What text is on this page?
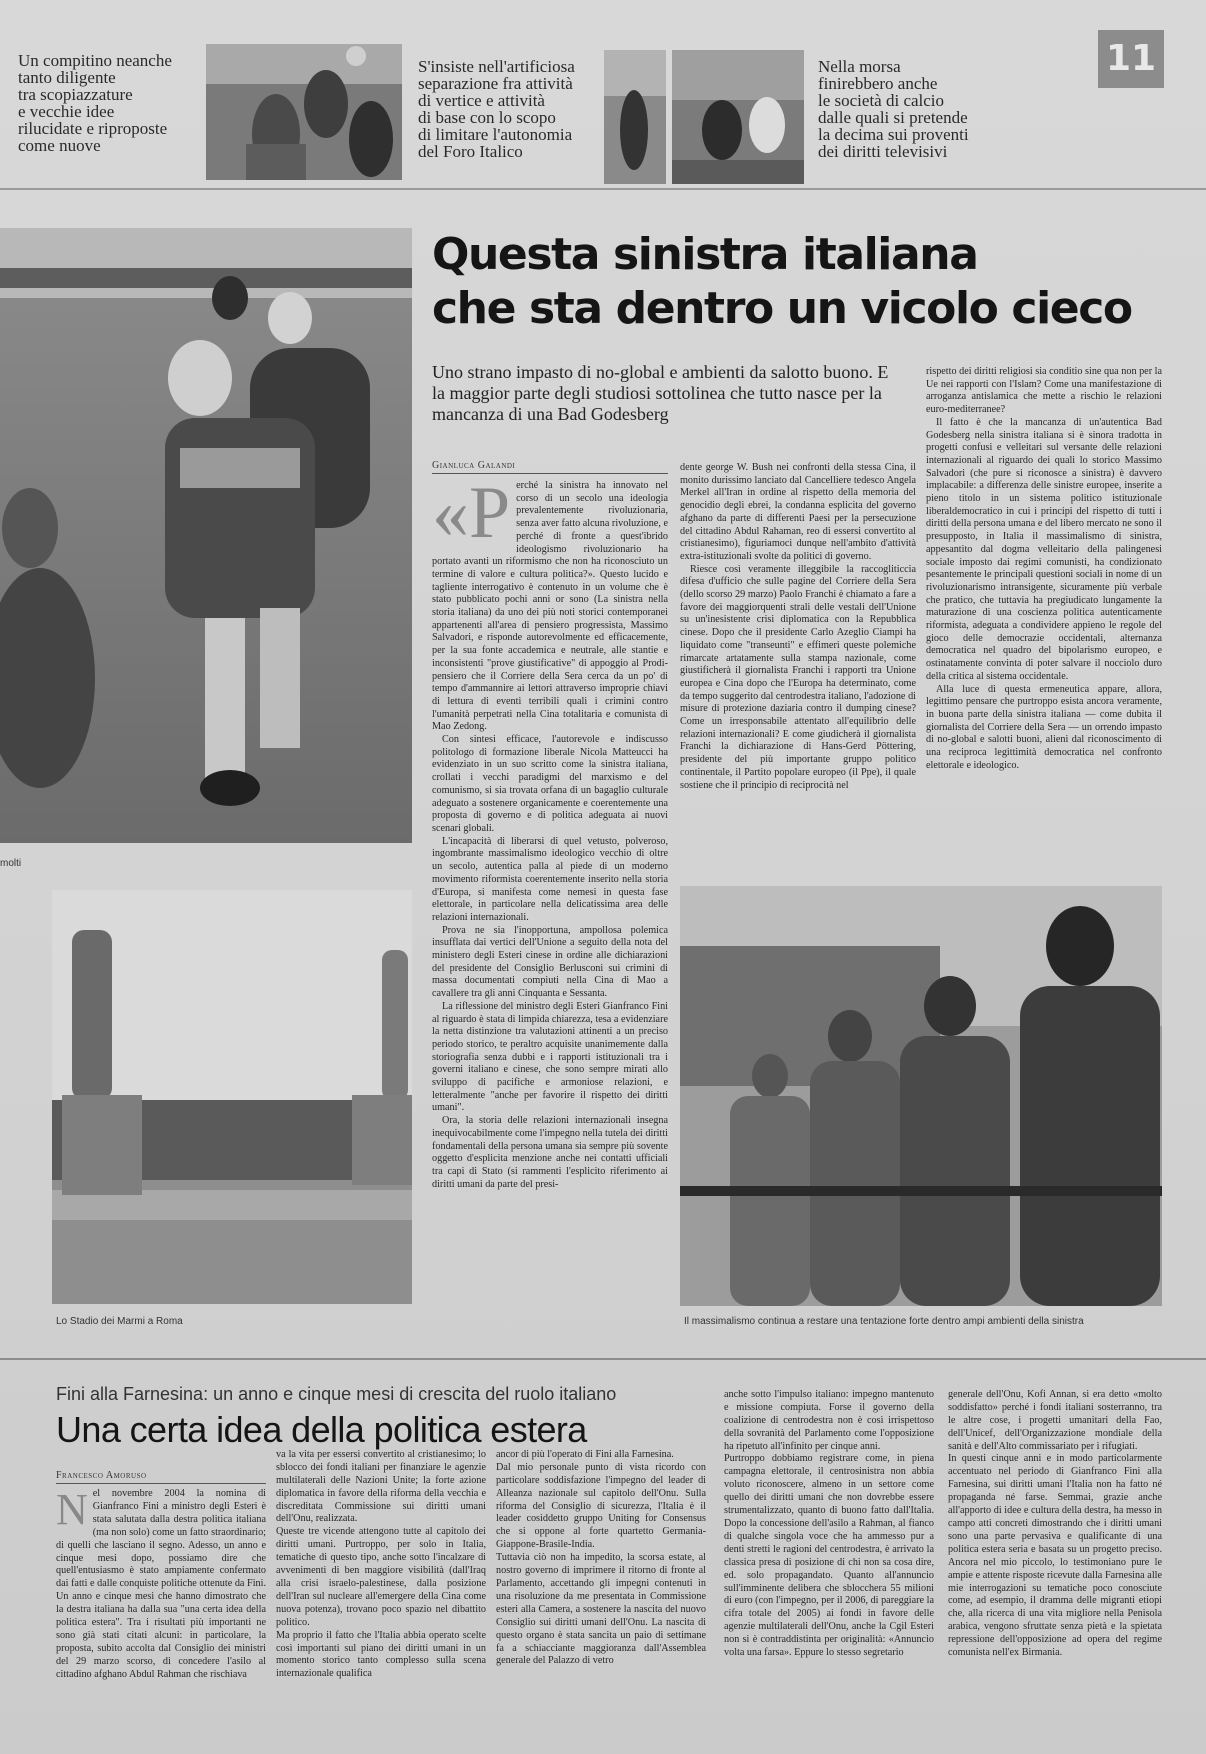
Un compitino neanche
tanto diligente
tra scopiazzature
e vecchie idee
rilucidate e riproposte
come nuove
S'insiste nell'artificiosa
separazione fra attività
di vertice e attività
di base con lo scopo
di limitare l'autonomia
del Foro Italico
Nella morsa
finirebbero anche
le società di calcio
dalle quali si pretende
la decima sui proventi
dei diritti televisivi
11
molti
Lo Stadio dei Marmi a Roma
Questa sinistra italiana
che sta dentro un vicolo cieco
Uno strano impasto di no-global e ambienti da salotto buono. E la maggior parte degli studiosi sottolinea che tutto nasce per la mancanza di una Bad Godesberg
Gianluca Galandi
«P erché la sinistra ha innovato nel corso di un secolo una ideologia prevalentemente rivoluzionaria, senza aver fatto alcuna rivoluzione, e perché di fronte a quest'ibrido ideologismo rivoluzionario ha portato avanti un riformismo che non ha riconosciuto un termine di valore e cultura politica?». Questo lucido e tagliente interrogativo è contenuto in un volume che è stato pubblicato pochi anni or sono (La sinistra nella storia italiana) da uno dei più noti storici contemporanei appartenenti all'area di pensiero progressista, Massimo Salvadori, e risponde autorevolmente ed efficacemente, per la sua fonte accademica e neutrale, alle stantie e inconsistenti "prove giustificative" di appoggio al Prodi-pensiero che il Corriere della Sera cerca da un po' di tempo d'ammannire ai lettori attraverso improprie chiavi di lettura di eventi terribili quali i crimini contro l'umanità perpetrati nella Cina totalitaria e comunista di Mao Zedong.

Con sintesi efficace, l'autorevole e indiscusso politologo di formazione liberale Nicola Matteucci ha evidenziato in un suo scritto come la sinistra italiana, crollati i vecchi paradigmi del marxismo e del comunismo, si sia trovata orfana di un bagaglio culturale adeguato a sostenere organicamente e coerentemente una proposta di governo e di politica adeguata ai nuovi scenari globali.

L'incapacità di liberarsi di quel vetusto, polveroso, ingombrante massimalismo ideologico vecchio di oltre un secolo, autentica palla al piede di un moderno movimento riformista coerentemente inserito nella storia d'Europa, si manifesta come nemesi in questa fase elettorale, in particolare nella delicatissima area delle relazioni internazionali.

Prova ne sia l'inopportuna, ampollosa polemica insufflata dai vertici dell'Unione a seguito della nota del ministero degli Esteri cinese in ordine alle dichiarazioni del presidente del Consiglio Berlusconi sui crimini di massa documentati compiuti nella Cina di Mao a cavallere tra gli anni Cinquanta e Sessanta.

La riflessione del ministro degli Esteri Gianfranco Fini al riguardo è stata di limpida chiarezza, tesa a evidenziare la netta distinzione tra valutazioni attinenti a un preciso periodo storico, te peraltro acquisite unanimemente dalla storiografia senza dubbi e i rapporti istituzionali tra i governi italiano e cinese, che sono sempre mirati allo sviluppo di pacifiche e armoniose relazioni, e letteralmente "anche per favorire il rispetto dei diritti umani".

Ora, la storia delle relazioni internazionali insegna inequivocabilmente come l'impegno nella tutela dei diritti fondamentali della persona umana sia sempre più sovente oggetto d'esplicita menzione anche nei contatti ufficiali tra capi di Stato (si rammenti l'esplicito riferimento ai diritti umani da parte del presi-

dente george W. Bush nei confronti della stessa Cina, il monito durissimo lanciato dal Cancelliere tedesco Angela Merkel all'Iran in ordine al rispetto della memoria del genocidio degli ebrei, la condanna esplicita del governo afghano da parte di differenti Paesi per la persecuzione del cittadino Abdul Rahaman, reo di essersi convertito al cristianesimo), figuriamoci dunque nell'ambito d'attività extra-istituzionali svolte da politici di governo.

Riesce così veramente illeggibile la raccogliticcia difesa d'ufficio che sulle pagine del Corriere della Sera (dello scorso 29 marzo) Paolo Franchi è chiamato a fare a favore dei maggiorquenti strali delle vestali dell'Unione su un'inesistente crisi diplomatica con la Repubblica cinese. Dopo che il presidente Carlo Azeglio Ciampi ha liquidato come "transeunti" e effimeri queste polemiche rimarcate artatamente sulla stampa nazionale, come giustificherà il giornalista Franchi i rapporti tra Unione europea e Cina dopo che l'Europa ha determinato, come da tempo suggerito dal centrodestra italiano, l'adozione di misure di protezione daziaria contro il dumping cinese? Come un irresponsabile attentato all'equilibrio delle relazioni internazionali? E come giudicherà il giornalista Franchi la dichiarazione di Hans-Gerd Pöttering, presidente del più importante gruppo politico continentale, il Partito popolare europeo (il Ppe), il quale sostiene che il principio di reciprocità nel

rispetto dei diritti religiosi sia conditio sine qua non per la Ue nei rapporti con l'Islam? Come una manifestazione di arroganza antislamica che mette a rischio le relazioni euro-mediterranee?

Il fatto è che la mancanza di un'autentica Bad Godesberg nella sinistra italiana si è sinora tradotta in progetti confusi e velleitari sul versante delle relazioni internazionali al riguardo dei quali lo storico Massimo Salvadori (che pure si riconosce a sinistra) è davvero implacabile: a differenza delle sinistre europee, inserite a pieno titolo in un sistema politico istituzionale liberaldemocratico in cui i principi del rispetto di tutti i diritti della persona umana e del libero mercato ne sono il presupposto, in Italia il massimalismo di sinistra, appesantito dal dogma velleitario della palingenesi sociale imposto dai regimi comunisti, ha condizionato pesantemente le principali questioni sociali in nome di un rivoluzionarismo intransigente, sicuramente più verbale che pratico, che tuttavia ha pregiudicato lungamente la maturazione di una coscienza politica autenticamente riformista, adeguata a condividere appieno le regole del gioco delle democrazie occidentali, alternanza democratica nel quadro del bipolarismo europeo, e ostinatamente convinta di poter salvare il nocciolo duro della critica al sistema occidentale.

Alla luce di questa ermeneutica appare, allora, legittimo pensare che purtroppo esista ancora veramente, in buona parte della sinistra italiana — come dubita il giornalista del Corriere della Sera — un orrendo impasto di no-global e salotti buoni, alieni dal riconoscimento di una reciproca legittimità democratica nel confronto elettorale e ideologico.

Il massimalismo continua a restare una tentazione forte dentro ampi ambienti della sinistra
Fini alla Farnesina: un anno e cinque mesi di crescita del ruolo italiano
Una certa idea della politica estera
Francesco Amoruso
N el novembre 2004 la nomina di Gianfranco Fini a ministro degli Esteri è stata salutata dalla destra politica italiana (ma non solo) come un fatto straordinario; di quelli che lasciano il segno. Adesso, un anno e cinque mesi dopo, possiamo dire che quell'entusiasmo è stato ampiamente confermato dai fatti e dalle conquiste politiche ottenute da Fini. Un anno e cinque mesi che hanno dimostrato che la destra italiana ha dalla sua "una certa idea della politica estera". Tra i risultati più importanti ne sono già stati citati alcuni: in particolare, la proposta, subito accolta dal Consiglio dei ministri del 29 marzo scorso, di concedere l'asilo al cittadino afghano Abdul Rahman che rischiava

va la vita per essersi convertito al cristianesimo; lo sblocco dei fondi italiani per finanziare le agenzie multilaterali delle Nazioni Unite; la forte azione diplomatica in favore della riforma della vecchia e discreditata Commissione sui diritti umani dell'Onu, realizzata.
Queste tre vicende attengono tutte al capitolo dei diritti umani. Purtroppo, per solo in Italia, tematiche di questo tipo, anche sotto l'incalzare di avvenimenti di ben maggiore visibilità (dall'Iraq alla crisi israelo-palestinese, dalla posizione dell'Iran sul nucleare all'emergere della Cina come nuova potenza), trovano poco spazio nel dibattito politico.
Ma proprio il fatto che l'Italia abbia operato scelte così importanti sul piano dei diritti umani in un momento storico tanto complesso sulla scena internazionale qualifica

ancor di più l'operato di Fini alla Farnesina.
Dal mio personale punto di vista ricordo con particolare soddisfazione l'impegno del leader di Alleanza nazionale sul capitolo dell'Onu. Sulla riforma del Consiglio di sicurezza, l'Italia è il leader cosiddetto gruppo Uniting for Consensus che si oppone al forte quartetto Germania-Giappone-Brasile-India.
Tuttavia ciò non ha impedito, la scorsa estate, al nostro governo di imprimere il ritorno di fronte al Parlamento, accettando gli impegni contenuti in una risoluzione da me presentata in Commissione esteri alla Camera, a sostenere la nascita del nuovo Consiglio sui diritti umani dell'Onu. La nascita di questo organo è stata sancita un paio di settimane fa a schiacciante maggioranza dall'Assemblea generale del Palazzo di vetro

anche sotto l'impulso italiano: impegno mantenuto e missione compiuta. Forse il governo della coalizione di centrodestra non è così irrispettoso della sovranità del Parlamento come l'opposizione ha ripetuto all'infinito per cinque anni.
Purtroppo dobbiamo registrare come, in piena campagna elettorale, il centrosinistra non abbia voluto riconoscere, almeno in un settore come quello dei diritti umani che non dovrebbe essere strumentalizzato, quanto di buono fatto dall'Italia. Dopo la concessione dell'asilo a Rahman, al fianco di qualche singola voce che ha ammesso pur a denti stretti le ragioni del centrodestra, è arrivato la classica presa di posizione di chi non sa cosa dire, ed. solo propagandato. Quanto all'annuncio sull'imminente delibera che sblocchera 55 milioni di euro (con l'impegno, per il 2006, di pareggiare la cifra totale del 2005) ai fondi in favore delle agenzie multilaterali dell'Onu, anche la Cgil Esteri non si è contraddistinta per originalità: «Annuncio volta una farsa». Eppure lo stesso segretario

generale dell'Onu, Kofi Annan, si era detto «molto soddisfatto» perché i fondi italiani sosterranno, tra le altre cose, i progetti umanitari della Fao, dell'Unicef, dell'Organizzazione mondiale della sanità e dell'Alto commissariato per i rifugiati.
In questi cinque anni e in modo particolarmente accentuato nel periodo di Gianfranco Fini alla Farnesina, sui diritti umani l'Italia non ha fatto né propaganda né farse. Semmai, grazie anche all'apporto di idee e cultura della destra, ha messo in campo atti concreti dimostrando che i diritti umani sono una parte pervasiva e qualificante di una politica estera seria e basata su un progetto preciso. Ancora nel mio piccolo, lo testimoniano pure le ampie e attente risposte ricevute dalla Farnesina alle mie interrogazioni su tematiche poco conosciute come, ad esempio, il dramma delle migranti etiopi che, alla ricerca di una vita migliore nella Penisola arabica, vengono sfruttate senza pietà e la spietata repressione dell'opposizione ad opera del regime comunista nell'ex Birmania.
